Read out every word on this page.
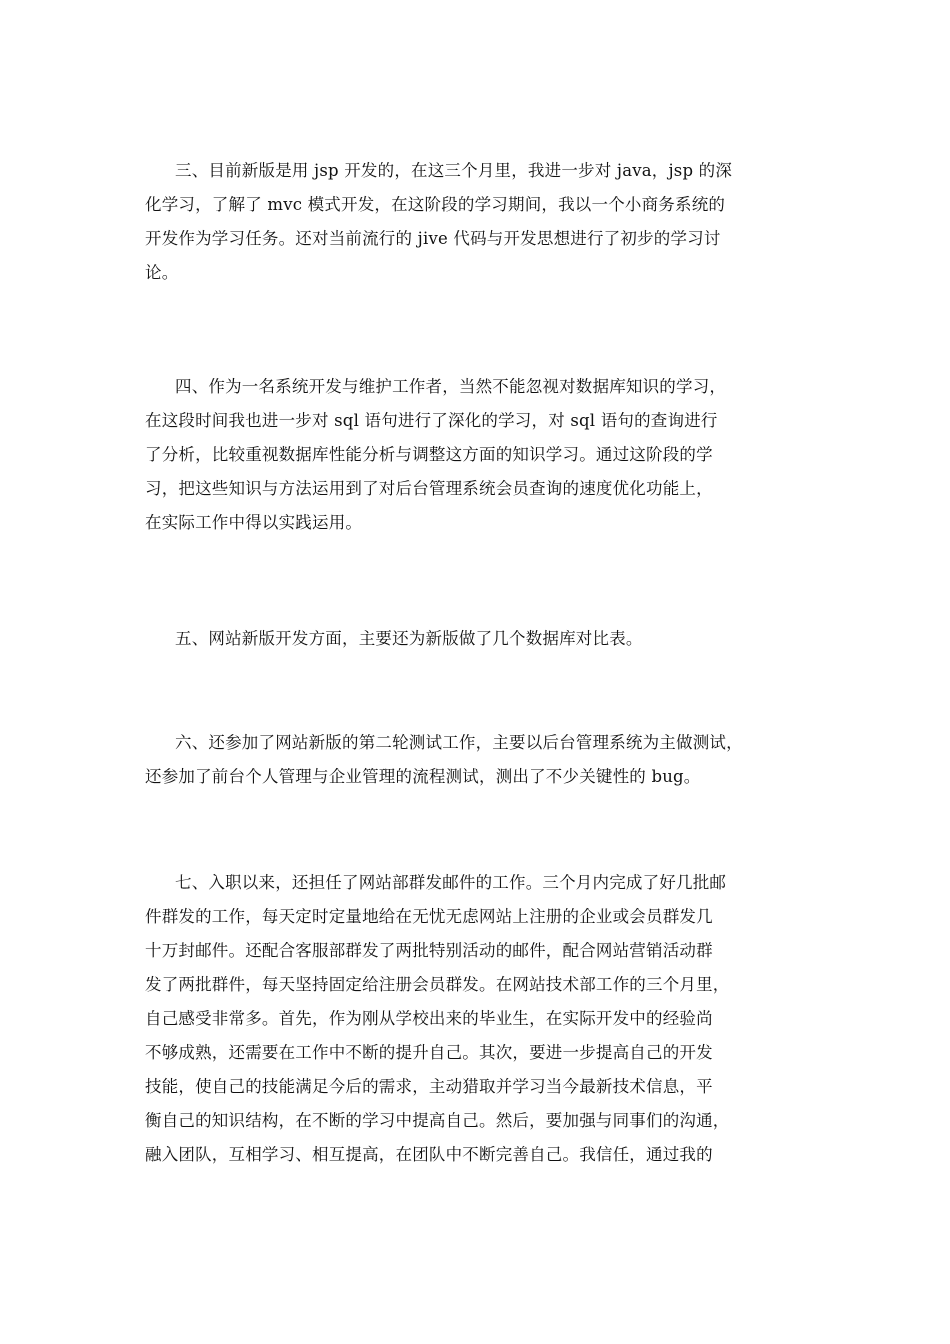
三、目前新版是用 jsp 开发的，在这三个月里，我进一步对 java，jsp 的深
化学习，了解了 mvc 模式开发，在这阶段的学习期间，我以一个小商务系统的
开发作为学习任务。还对当前流行的 jive 代码与开发思想进行了初步的学习讨
论。
四、作为一名系统开发与维护工作者，当然不能忽视对数据库知识的学习，
在这段时间我也进一步对 sql 语句进行了深化的学习，对 sql 语句的查询进行
了分析，比较重视数据库性能分析与调整这方面的知识学习。通过这阶段的学
习，把这些知识与方法运用到了对后台管理系统会员查询的速度优化功能上，
在实际工作中得以实践运用。
五、网站新版开发方面，主要还为新版做了几个数据库对比表。
六、还参加了网站新版的第二轮测试工作，主要以后台管理系统为主做测试，
还参加了前台个人管理与企业管理的流程测试，测出了不少关键性的 bug。
七、入职以来，还担任了网站部群发邮件的工作。三个月内完成了好几批邮
件群发的工作，每天定时定量地给在无忧无虑网站上注册的企业或会员群发几
十万封邮件。还配合客服部群发了两批特别活动的邮件，配合网站营销活动群
发了两批群件，每天坚持固定给注册会员群发。在网站技术部工作的三个月里，
自己感受非常多。首先，作为刚从学校出来的毕业生，在实际开发中的经验尚
不够成熟，还需要在工作中不断的提升自己。其次，要进一步提高自己的开发
技能，使自己的技能满足今后的需求，主动猎取并学习当今最新技术信息，平
衡自己的知识结构，在不断的学习中提高自己。然后，要加强与同事们的沟通，
融入团队，互相学习、相互提高，在团队中不断完善自己。我信任，通过我的
